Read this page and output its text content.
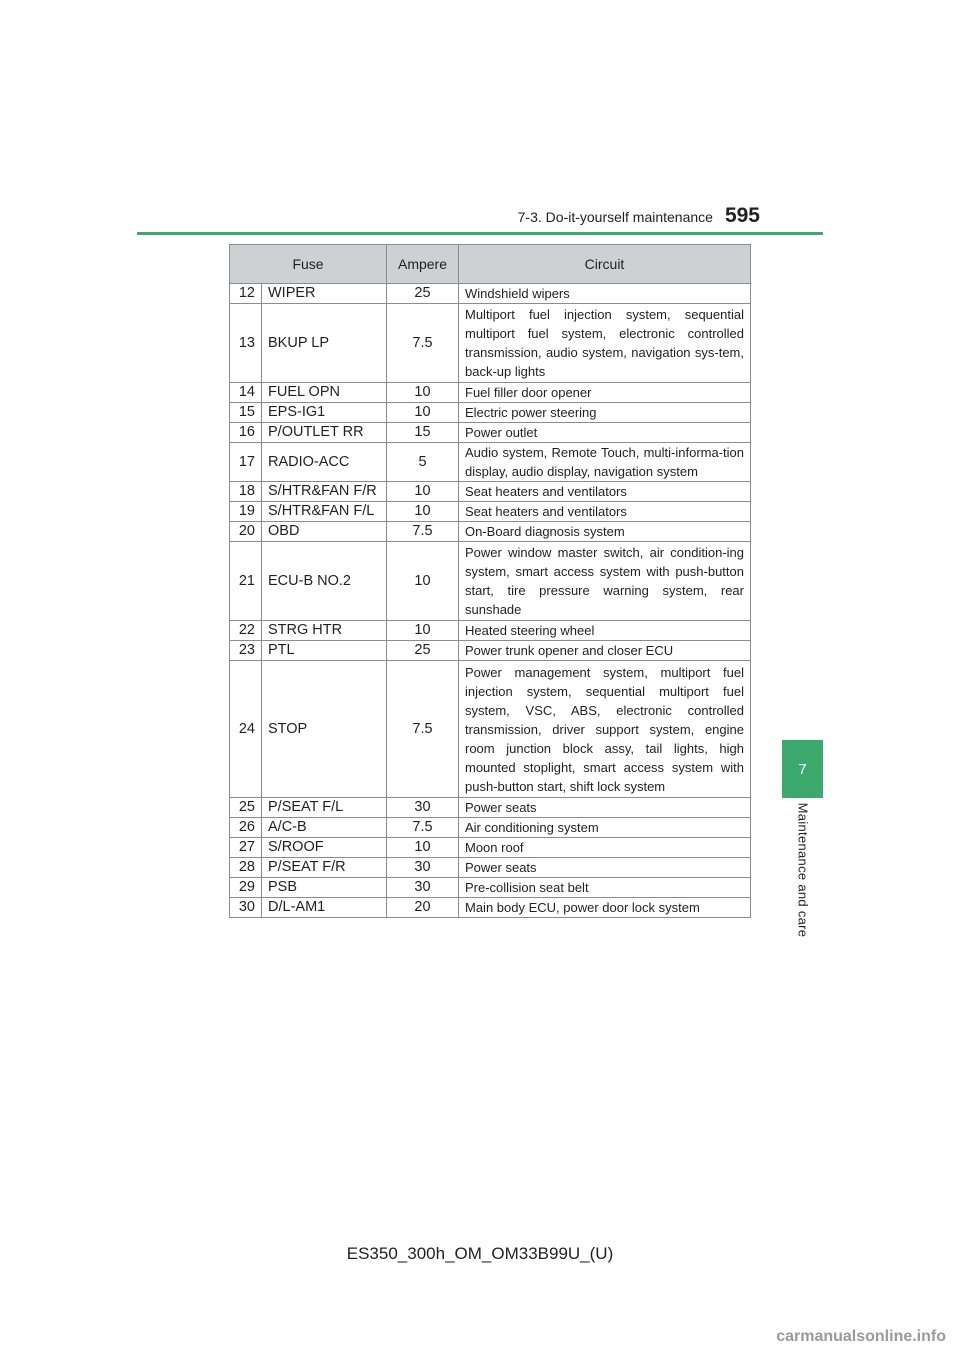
7-3. Do-it-yourself maintenance 595
7
Maintenance and care
Fuse		Ampere	Circuit
12	WIPER	25	Windshield wipers
13	BKUP LP	7.5	Multiport fuel injection system, sequential multiport fuel system, electronic controlled transmission, audio system, navigation sys-tem, back-up lights
14	FUEL OPN	10	Fuel filler door opener
15	EPS-IG1	10	Electric power steering
16	P/OUTLET RR	15	Power outlet
17	RADIO-ACC	5	Audio system, Remote Touch, multi-informa-tion display, audio display, navigation system
18	S/HTR&FAN F/R	10	Seat heaters and ventilators
19	S/HTR&FAN F/L	10	Seat heaters and ventilators
20	OBD	7.5	On-Board diagnosis system
21	ECU-B NO.2	10	Power window master switch, air condition-ing system, smart access system with push-button start, tire pressure warning system, rear sunshade
22	STRG HTR	10	Heated steering wheel
23	PTL	25	Power trunk opener and closer ECU
24	STOP	7.5	Power management system, multiport fuel injection system, sequential multiport fuel system, VSC, ABS, electronic controlled transmission, driver support system, engine room junction block assy, tail lights, high mounted stoplight, smart access system with push-button start, shift lock system
25	P/SEAT F/L	30	Power seats
26	A/C-B	7.5	Air conditioning system
27	S/ROOF	10	Moon roof
28	P/SEAT F/R	30	Power seats
29	PSB	30	Pre-collision seat belt
30	D/L-AM1	20	Main body ECU, power door lock system
ES350_300h_OM_OM33B99U_(U)
carmanualsonline.info
